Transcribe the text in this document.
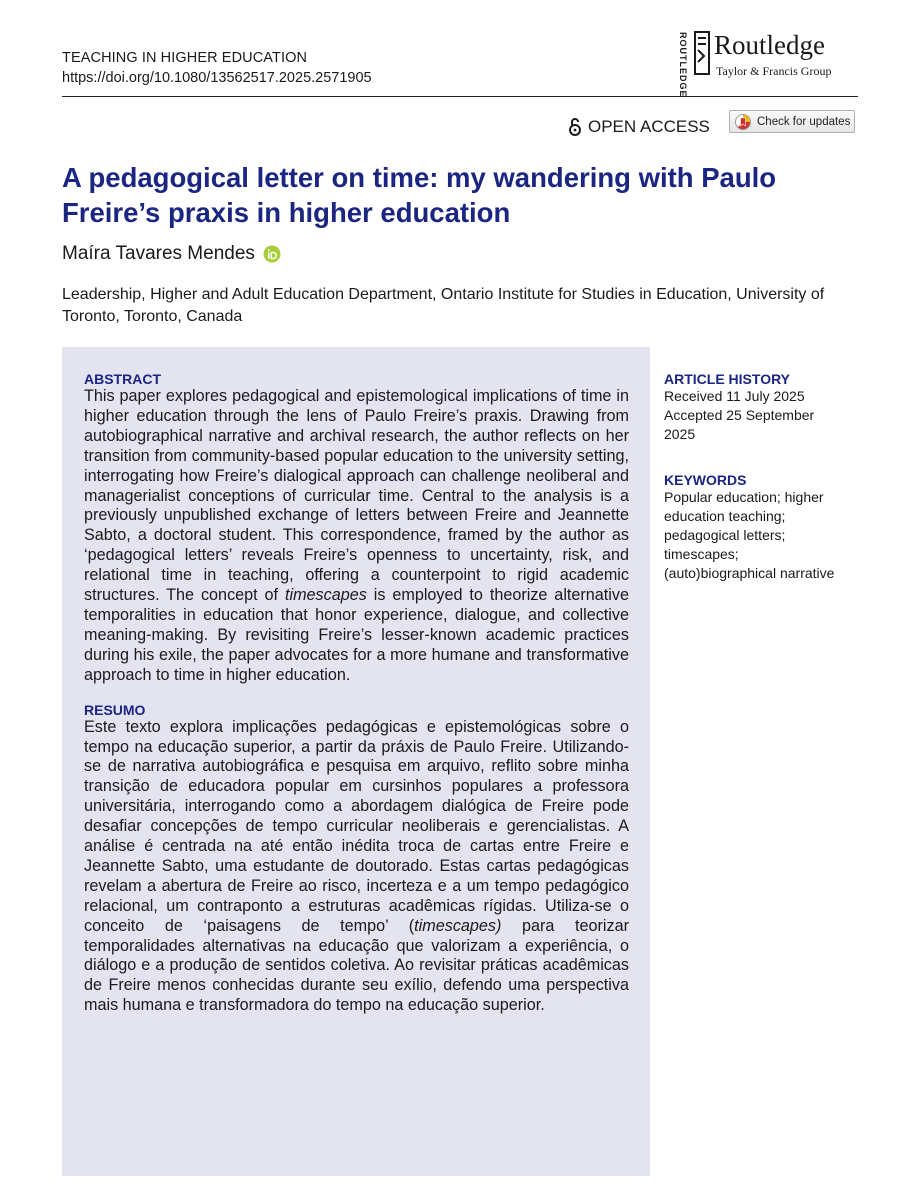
TEACHING IN HIGHER EDUCATION
https://doi.org/10.1080/13562517.2025.2571905	ROUTLEDGE Routledge
Taylor & Francis Group
OPEN ACCESS	Check for updates
A pedagogical letter on time: my wandering with Paulo
Freire’s praxis in higher education
Maíra Tavares Mendes
Leadership, Higher and Adult Education Department, Ontario Institute for Studies in Education, University of
Toronto, Toronto, Canada

ABSTRACT

This paper explores pedagogical and epistemological implications of time in higher education through the lens of Paulo Freire’s praxis. Drawing from autobiographical narrative and archival research, the author reflects on her transition from community-based popular education to the university setting, interrogating how Freire’s dialogical approach can challenge neoliberal and managerialist conceptions of curricular time. Central to the analysis is a previously unpublished exchange of letters between Freire and Jeannette Sabto, a doctoral student. This correspondence, framed by the author as ‘pedagogical letters’ reveals Freire’s openness to uncertainty, risk, and relational time in teaching, offering a counterpoint to rigid academic structures. The concept of timescapes is employed to theorize alternative temporalities in education that honor experience, dialogue, and collective meaning-making. By revisiting Freire’s lesser-known academic practices during his exile, the paper advocates for a more humane and transformative approach to time in higher education.

RESUMO

Este texto explora implicações pedagógicas e epistemológicas sobre o tempo na educação superior, a partir da práxis de Paulo Freire. Utilizando-se de narrativa autobiográfica e pesquisa em arquivo, reflito sobre minha transição de educadora popular em cursinhos populares a professora universitária, interrogando como a abordagem dialógica de Freire pode desafiar concepções de tempo curricular neoliberais e gerencialistas. A análise é centrada na até então inédita troca de cartas entre Freire e Jeannette Sabto, uma estudante de doutorado. Estas cartas pedagógicas revelam a abertura de Freire ao risco, incerteza e a um tempo pedagógico relacional, um contraponto a estruturas acadêmicas rígidas. Utiliza-se o conceito de ‘paisagens de tempo’ (timescapes) para teorizar temporalidades alternativas na educação que valorizam a experiência, o diálogo e a produção de sentidos coletiva. Ao revisitar práticas acadêmicas de Freire menos conhecidas durante seu exílio, defendo uma perspectiva mais humana e transformadora do tempo na educação superior.

ARTICLE HISTORY

Received 11 July 2025

Accepted 25 September

2025

KEYWORDS

Popular education; higher

education teaching;

pedagogical letters;

timescapes;

(auto)biographical narrative
